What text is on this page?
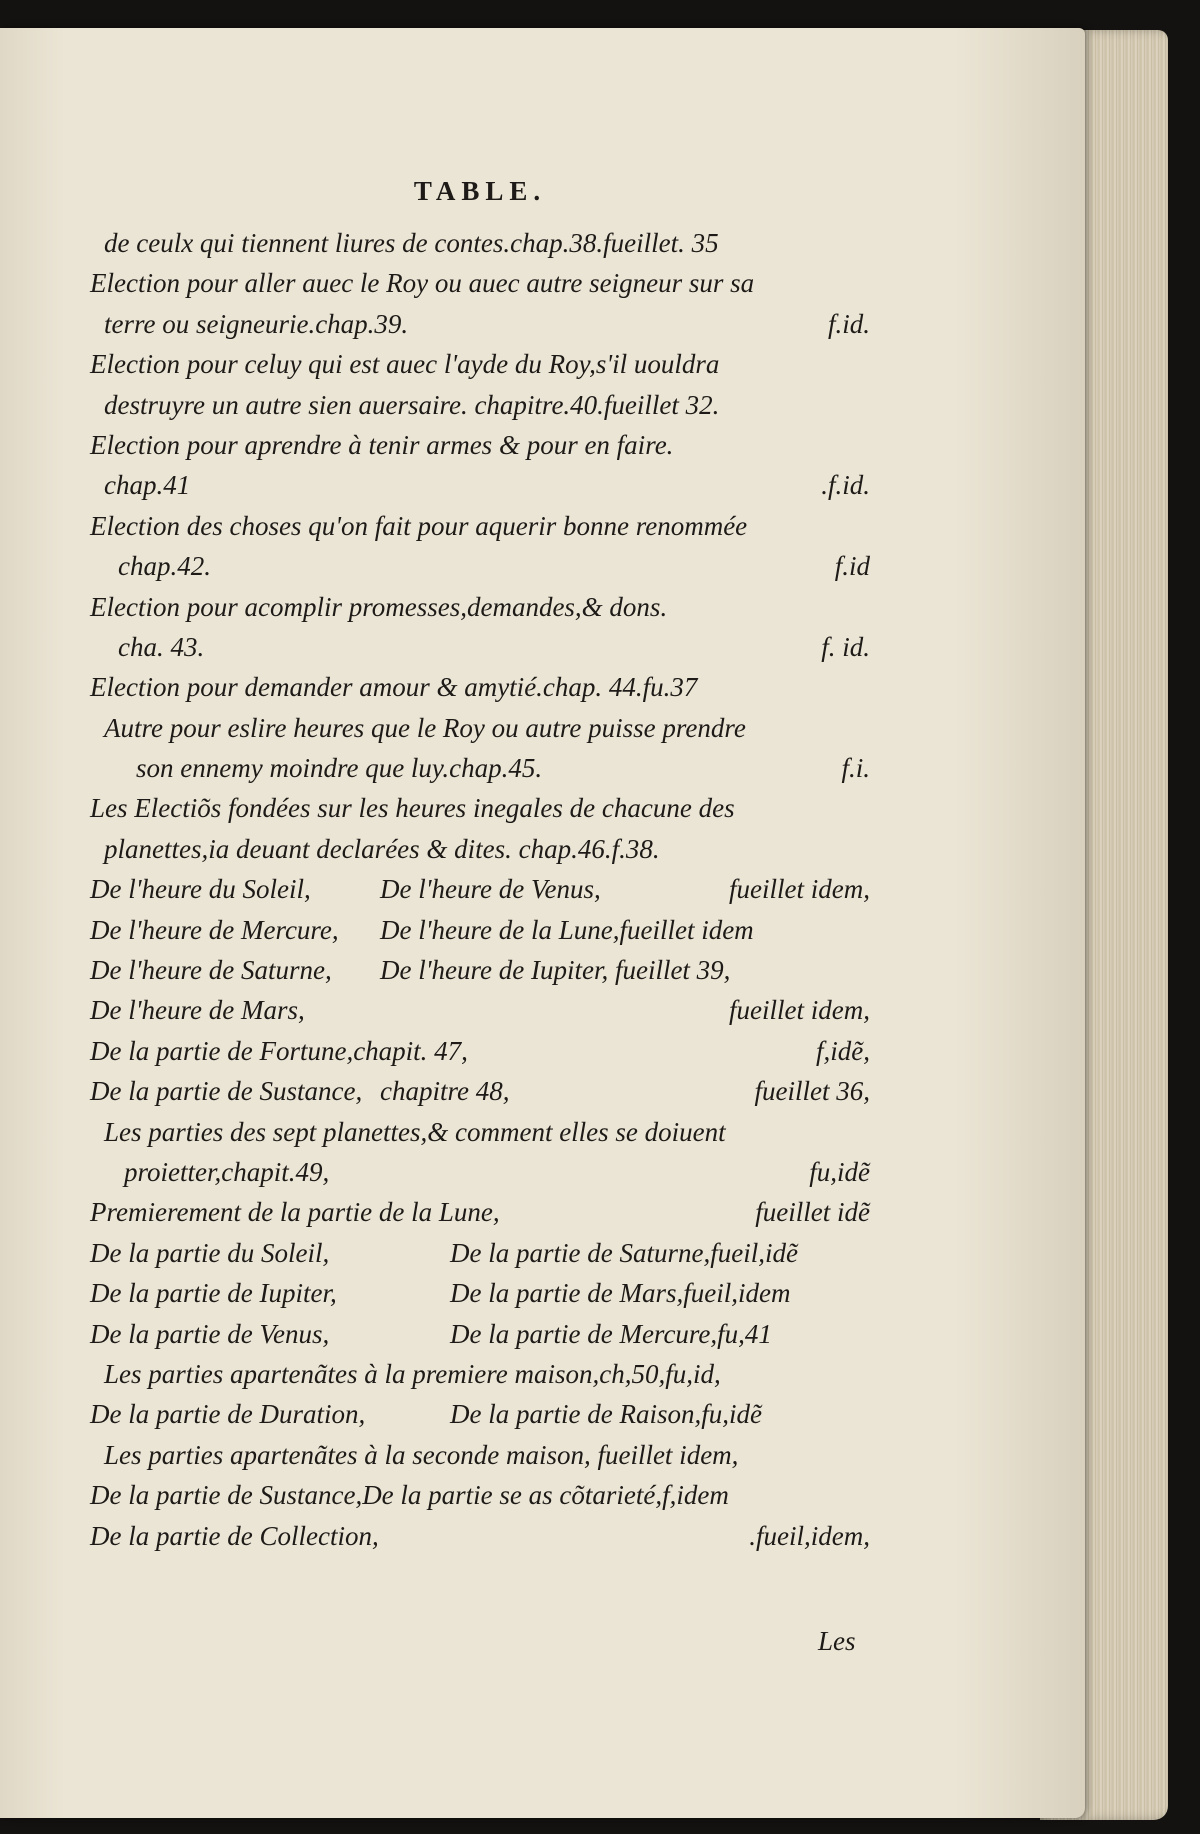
TABLE.
de ceulx qui tiennent liures de contes.chap.38.fueillet. 35
Election pour aller auec le Roy ou auec autre seigneur sur sa
terre ou seigneurie.chap.39.	f.id.
Election pour celuy qui est auec l'ayde du Roy,s'il uouldra
destruyre un autre sien auersaire. chapitre.40.fueillet 32.
Election pour aprendre à tenir armes & pour en faire.
chap.41	.f.id.
Election des choses qu'on fait pour aquerir bonne renommée
chap.42.	f.id
Election pour acomplir promesses,demandes,& dons.
cha. 43.	f. id.
Election pour demander amour & amytié.chap. 44.fu.37
Autre pour eslire heures que le Roy ou autre puisse prendre
son ennemy moindre que luy.chap.45.	f.i.
Les Electiõs fondées sur les heures inegales de chacune des
planettes,ia deuant declarées & dites. chap.46.f.38.
De l'heure du Soleil,	De l'heure de Venus,	fueillet idem,
De l'heure de Mercure, De l'heure de la Lune,fueillet idem
De l'heure de Saturne, De l'heure de Iupiter, fueillet 39,
De l'heure de Mars,	fueillet idem,
De la partie de Fortune,chapit. 47,	f,idẽ,
De la partie de Sustance, chapitre 48,	fueillet 36,
Les parties des sept planettes,& comment elles se doiuent
proietter,chapit.49,	fu,idẽ
Premierement de la partie de la Lune,	fueillet idẽ
De la partie du Soleil,	De la partie de Saturne,fueil,idẽ
De la partie de Iupiter,	De la partie de Mars,fueil,idem
De la partie de Venus,	De la partie de Mercure,fu,41
Les parties apartenãtes à la premiere maison,ch,50,fu,id,
De la partie de Duration,	De la partie de Raison,fu,idẽ
Les parties apartenãtes à la seconde maison, fueillet idem,
De la partie de Sustance,De la partie se as cõtarieté,f,idem
De la partie de Collection,	.fueil,idem,
Les
